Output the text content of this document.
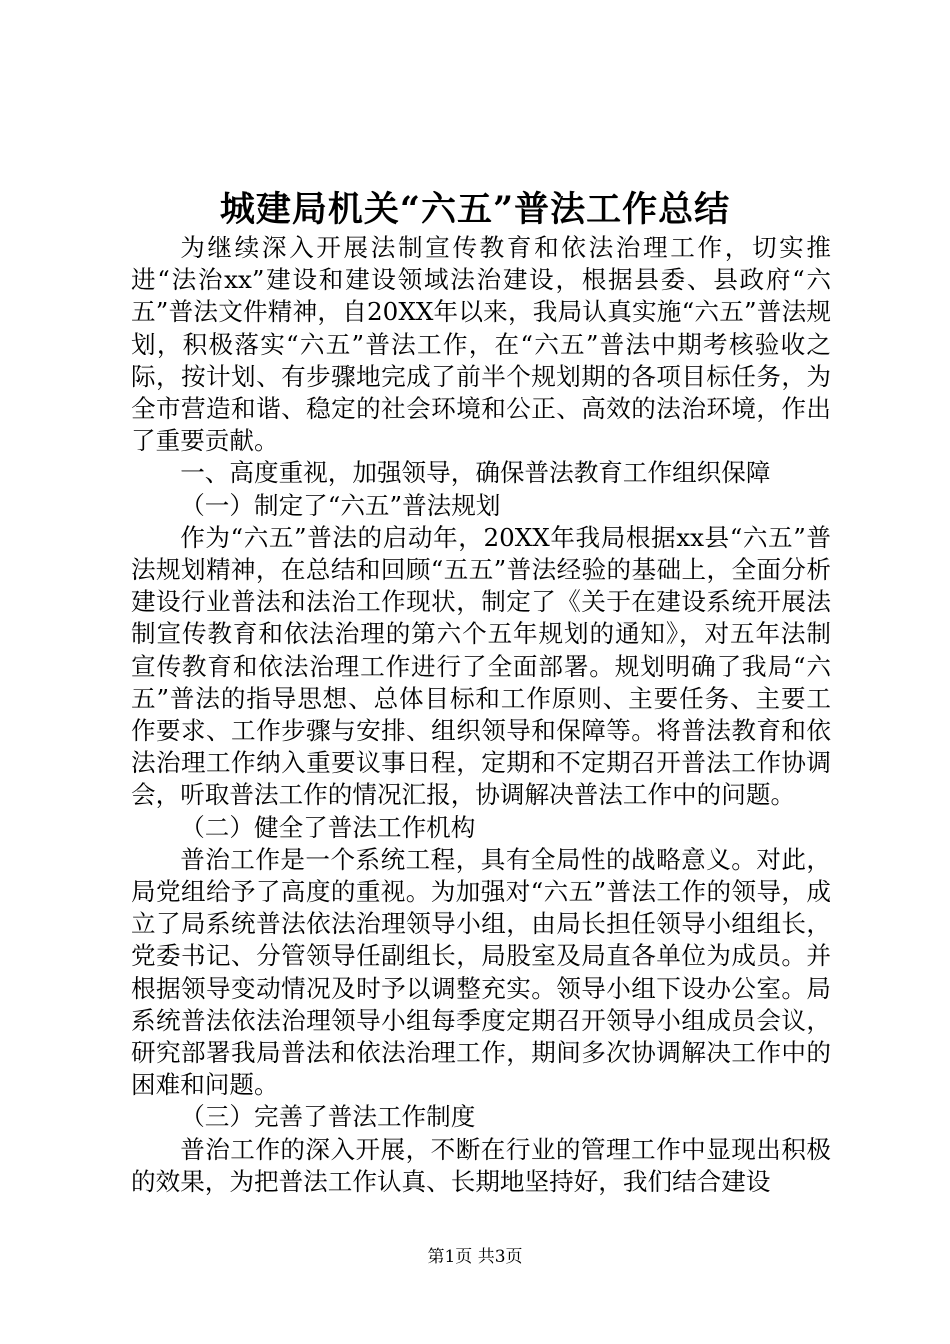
城建局机关“六五”普法工作总结

为继续深入开展法制宣传教育和依法治理工作，切实推进“法治xx”建设和建设领域法治建设，根据县委、县政府“六五”普法文件精神，自20XX年以来，我局认真实施“六五”普法规划，积极落实“六五”普法工作，在“六五”普法中期考核验收之际，按计划、有步骤地完成了前半个规划期的各项目标任务，为全市营造和谐、稳定的社会环境和公正、高效的法治环境，作出了重要贡献。

一、高度重视，加强领导，确保普法教育工作组织保障
（一）制定了“六五”普法规划

作为“六五”普法的启动年，20XX年我局根据xx县“六五”普法规划精神，在总结和回顾“五五”普法经验的基础上，全面分析建设行业普法和法治工作现状，制定了《关于在建设系统开展法制宣传教育和依法治理的第六个五年规划的通知》，对五年法制宣传教育和依法治理工作进行了全面部署。规划明确了我局“六五”普法的指导思想、总体目标和工作原则、主要任务、主要工作要求、工作步骤与安排、组织领导和保障等。将普法教育和依法治理工作纳入重要议事日程，定期和不定期召开普法工作协调会，听取普法工作的情况汇报，协调解决普法工作中的问题。

（二）健全了普法工作机构

普治工作是一个系统工程，具有全局性的战略意义。对此，局党组给予了高度的重视。为加强对“六五”普法工作的领导，成立了局系统普法依法治理领导小组，由局长担任领导小组组长，党委书记、分管领导任副组长，局股室及局直各单位为成员。并根据领导变动情况及时予以调整充实。领导小组下设办公室。局系统普法依法治理领导小组每季度定期召开领导小组成员会议，研究部署我局普法和依法治理工作，期间多次协调解决工作中的困难和问题。

（三）完善了普法工作制度

普治工作的深入开展，不断在行业的管理工作中显现出积极的效果，为把普法工作认真、长期地坚持好，我们结合建设

第1页 共3页
